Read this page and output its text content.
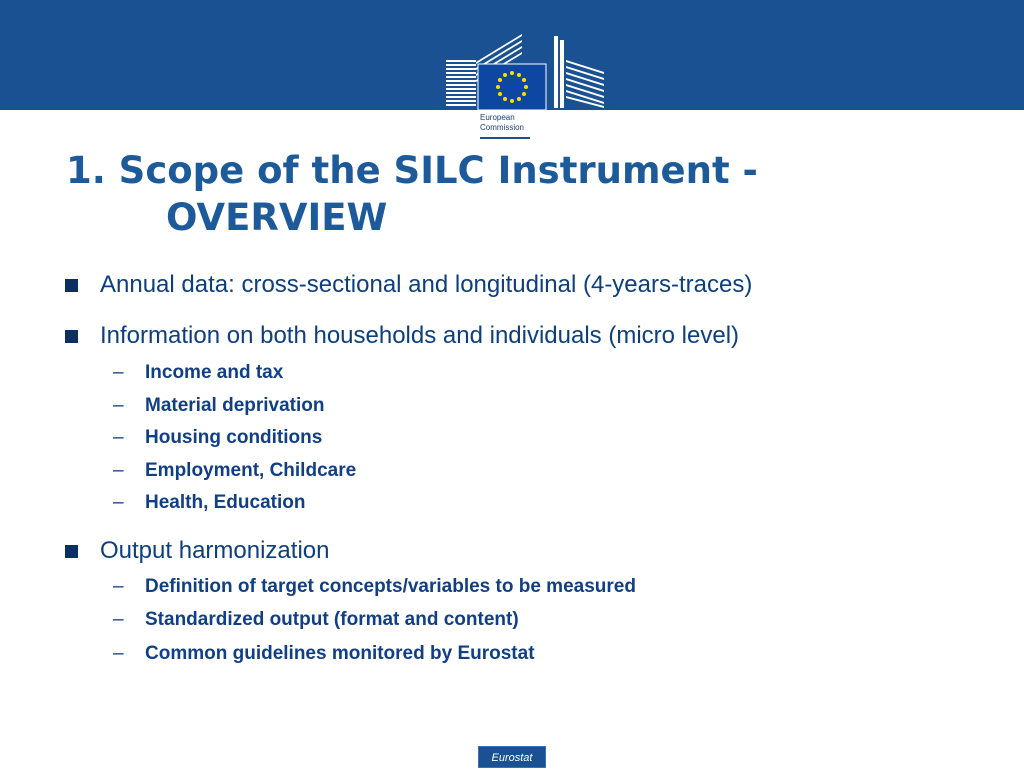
European
Commission
1. Scope of the SILC Instrument -
OVERVIEW
Annual data: cross-sectional and longitudinal (4-years-traces)
Information on both households and individuals (micro level)
–	Income and tax
–	Material deprivation
–	Housing conditions
–	Employment, Childcare
–	Health, Education
Output harmonization
–	Definition of target concepts/variables to be measured
–	Standardized output (format and content)
–	Common guidelines monitored by Eurostat
Eurostat
